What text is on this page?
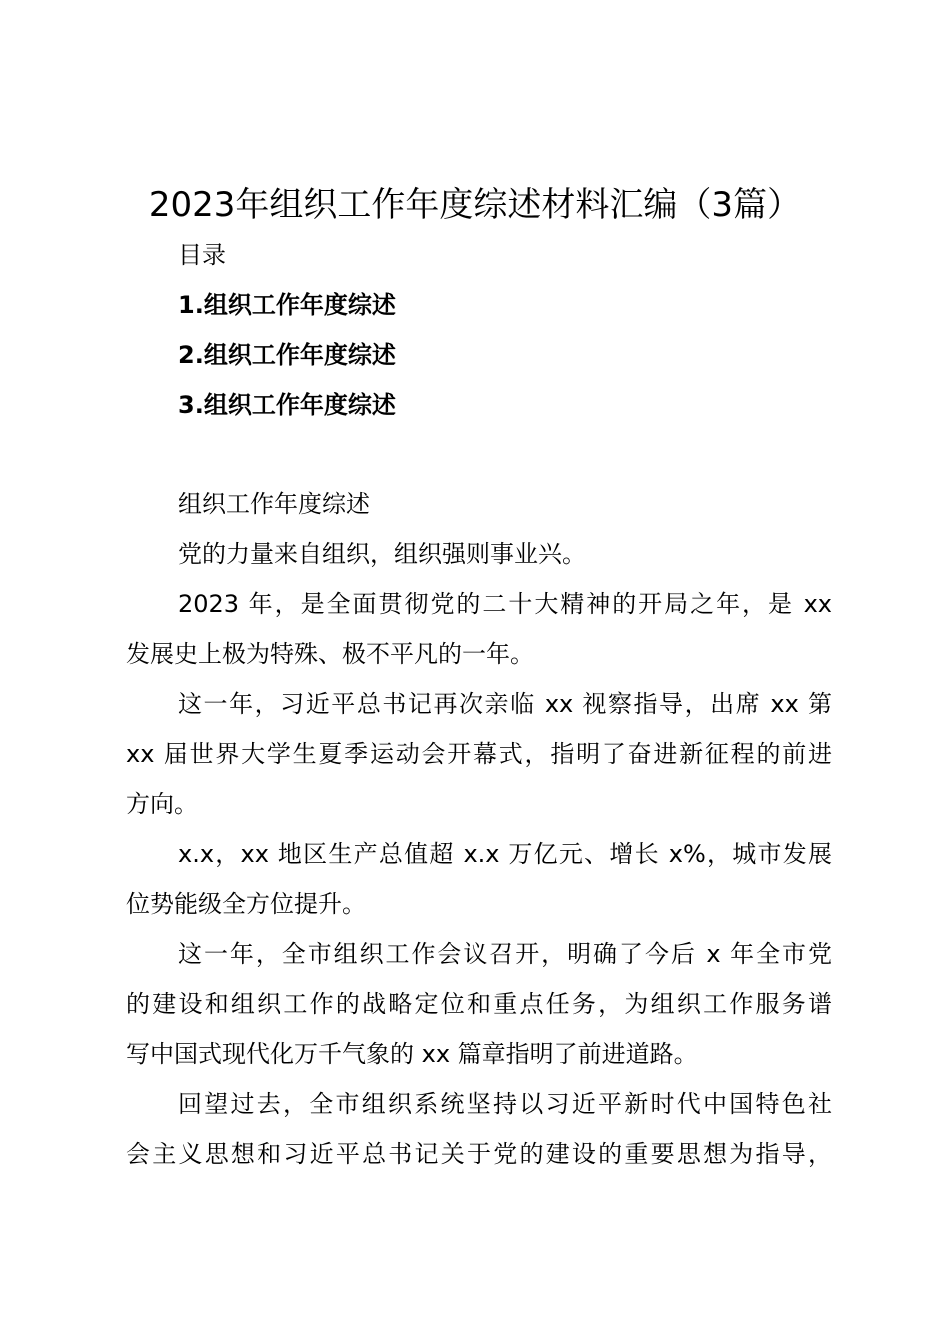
2023年组织工作年度综述材料汇编（3篇）
目录
1.组织工作年度综述
2.组织工作年度综述
3.组织工作年度综述
组织工作年度综述
党的力量来自组织，组织强则事业兴。
2023 年，是全面贯彻党的二十大精神的开局之年，是 xx
发展史上极为特殊、极不平凡的一年。
这一年，习近平总书记再次亲临 xx 视察指导，出席 xx 第
xx 届世界大学生夏季运动会开幕式，指明了奋进新征程的前进
方向。
x.x，xx 地区生产总值超 x.x 万亿元、增长 x%，城市发展
位势能级全方位提升。
这一年，全市组织工作会议召开，明确了今后 x 年全市党
的建设和组织工作的战略定位和重点任务，为组织工作服务谱
写中国式现代化万千气象的 xx 篇章指明了前进道路。
回望过去，全市组织系统坚持以习近平新时代中国特色社
会主义思想和习近平总书记关于党的建设的重要思想为指导，
